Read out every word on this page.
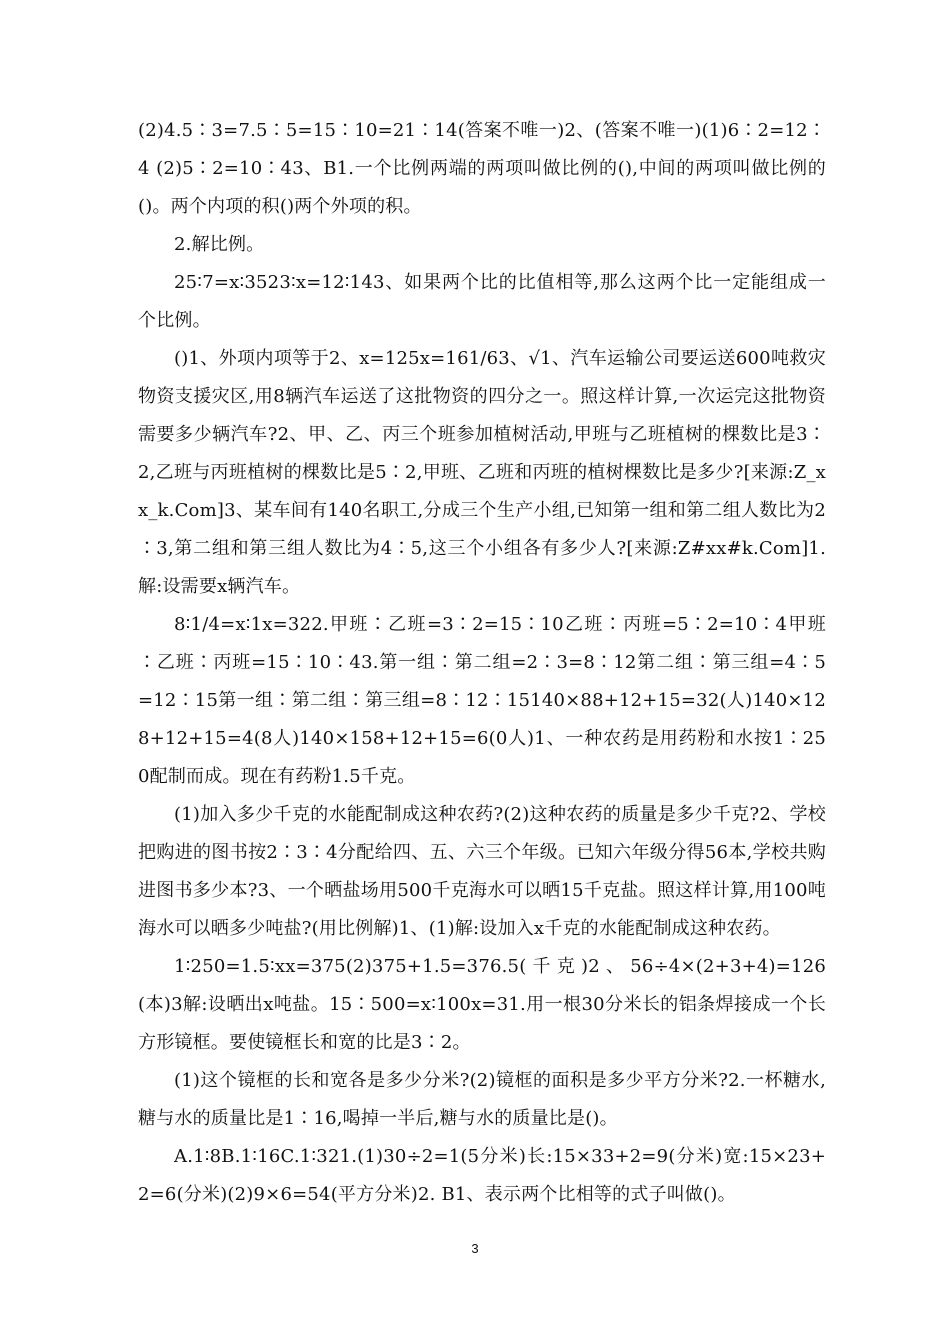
(2)4.5∶3=7.5∶5=15∶10=21∶14(答案不唯一)2、(答案不唯一)(1)6∶2=12∶4 (2)5∶2=10∶43、B1.一个比例两端的两项叫做比例的(),中间的两项叫做比例的()。两个内项的积()两个外项的积。

2.解比例。

25∶7=x∶3523∶x=12∶143、如果两个比的比值相等,那么这两个比一定能组成一个比例。

()1、外项内项等于2、x=125x=161/63、√1、汽车运输公司要运送600吨救灾物资支援灾区,用8辆汽车运送了这批物资的四分之一。照这样计算,一次运完这批物资需要多少辆汽车?2、甲、乙、丙三个班参加植树活动,甲班与乙班植树的棵数比是3∶2,乙班与丙班植树的棵数比是5∶2,甲班、乙班和丙班的植树棵数比是多少?[来源:Z_xx_k.Com]3、某车间有140名职工,分成三个生产小组,已知第一组和第二组人数比为2∶3,第二组和第三组人数比为4∶5,这三个小组各有多少人?[来源:Z#xx#k.Com]1.解:设需要x辆汽车。

8∶1/4=x∶1x=322.甲班∶乙班=3∶2=15∶10乙班∶丙班=5∶2=10∶4甲班∶乙班∶丙班=15∶10∶43.第一组∶第二组=2∶3=8∶12第二组∶第三组=4∶5=12∶15第一组∶第二组∶第三组=8∶12∶15140×88+12+15=32(人)140×128+12+15=4(8人)140×158+12+15=6(0人)1、一种农药是用药粉和水按1∶250配制而成。现在有药粉1.5千克。

(1)加入多少千克的水能配制成这种农药?(2)这种农药的质量是多少千克?2、学校把购进的图书按2∶3∶4分配给四、五、六三个年级。已知六年级分得56本,学校共购进图书多少本?3、一个晒盐场用500千克海水可以晒15千克盐。照这样计算,用100吨海水可以晒多少吨盐?(用比例解)1、(1)解:设加入x千克的水能配制成这种农药。

1∶250=1.5∶xx=375(2)375+1.5=376.5(千克)2、56÷4×(2+3+4)=126(本)3解:设晒出x吨盐。15∶500=x∶100x=31.用一根30分米长的铝条焊接成一个长方形镜框。要使镜框长和宽的比是3∶2。

(1)这个镜框的长和宽各是多少分米?(2)镜框的面积是多少平方分米?2.一杯糖水,糖与水的质量比是1∶16,喝掉一半后,糖与水的质量比是()。

A.1∶8B.1∶16C.1∶321.(1)30÷2=1(5分米)长:15×33+2=9(分米)宽:15×23+2=6(分米)(2)9×6=54(平方分米)2. B1、表示两个比相等的式子叫做()。

3
